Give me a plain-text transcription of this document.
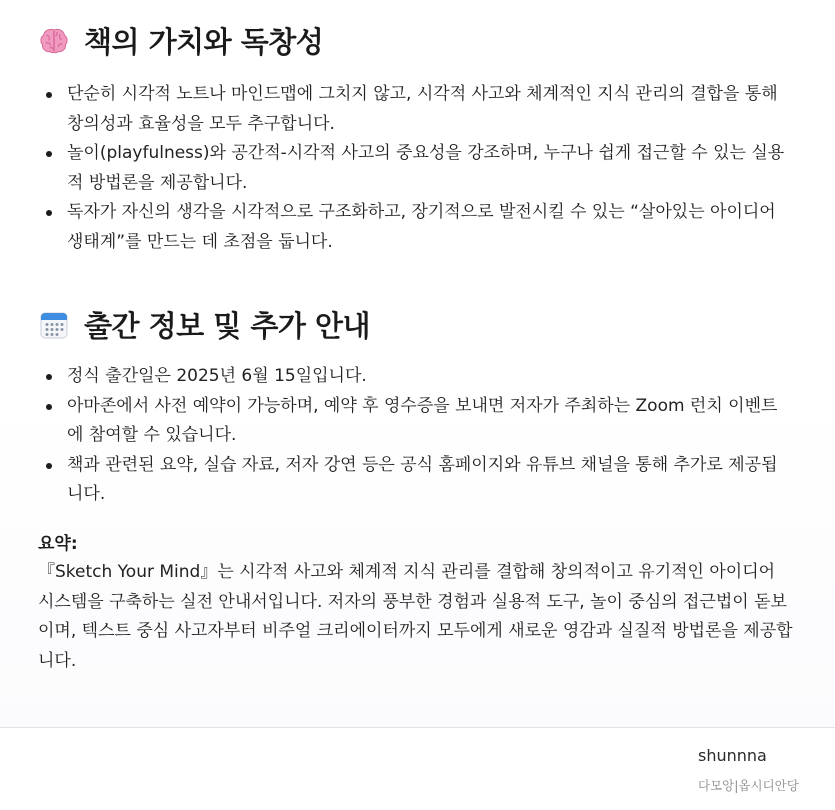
책의 가치와 독창성
단순히 시각적 노트나 마인드맵에 그치지 않고, 시각적 사고와 체계적인 지식 관리의 결합을 통해 창의성과 효율성을 모두 추구합니다.
놀이(playfulness)와 공간적-시각적 사고의 중요성을 강조하며, 누구나 쉽게 접근할 수 있는 실용적 방법론을 제공합니다.
독자가 자신의 생각을 시각적으로 구조화하고, 장기적으로 발전시킬 수 있는 “살아있는 아이디어 생태계”를 만드는 데 초점을 둡니다.
출간 정보 및 추가 안내
정식 출간일은 2025년 6월 15일입니다.
아마존에서 사전 예약이 가능하며, 예약 후 영수증을 보내면 저자가 주최하는 Zoom 런치 이벤트에 참여할 수 있습니다.
책과 관련된 요약, 실습 자료, 저자 강연 등은 공식 홈페이지와 유튜브 채널을 통해 추가로 제공됩니다.

요약:

『Sketch Your Mind』는 시각적 사고와 체계적 지식 관리를 결합해 창의적이고 유기적인 아이디어 시스템을 구축하는 실전 안내서입니다. 저자의 풍부한 경험과 실용적 도구, 놀이 중심의 접근법이 돋보이며, 텍스트 중심 사고자부터 비주얼 크리에이터까지 모두에게 새로운 영감과 실질적 방법론을 제공합니다.

shunnna
다모앙|옵시디안당
